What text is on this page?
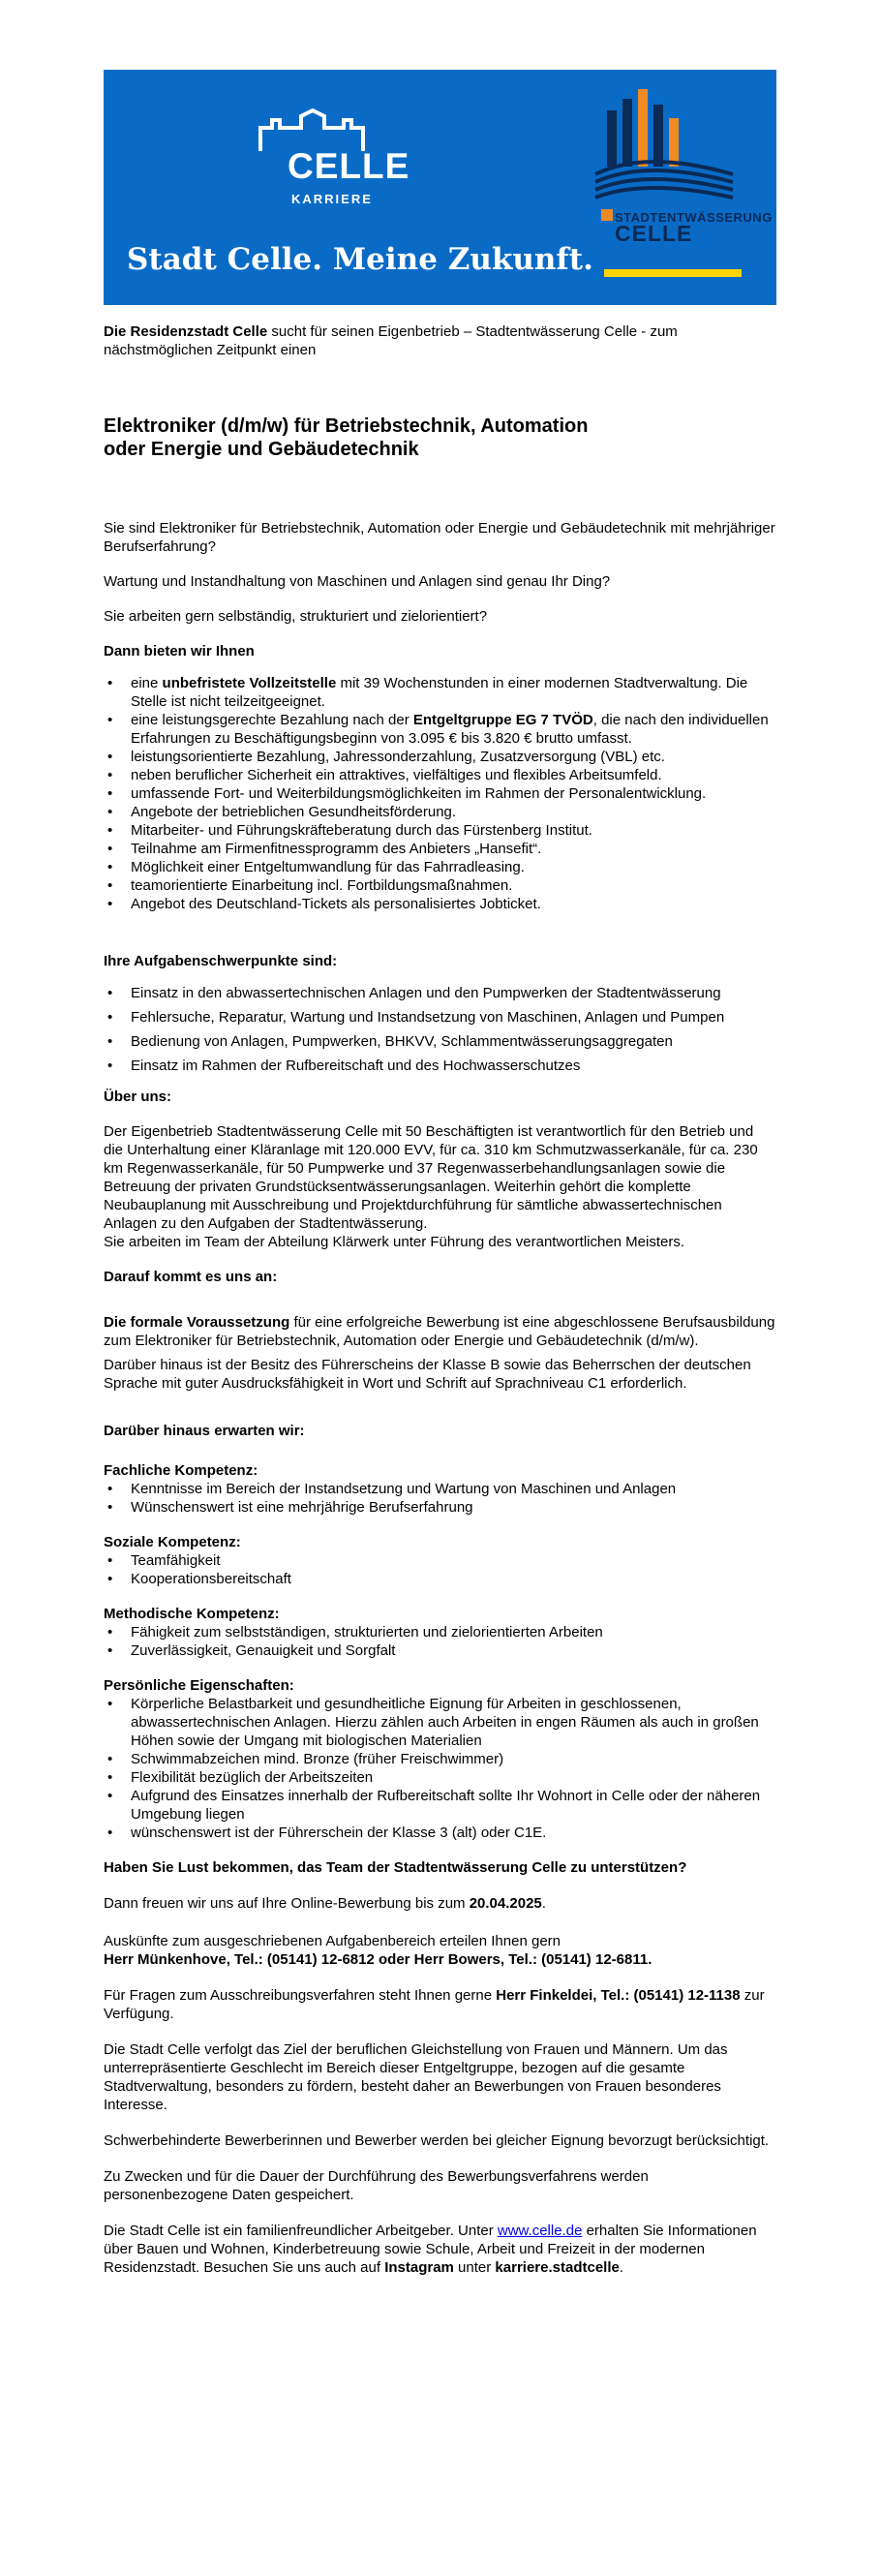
CELLE
KARRIERE
Stadt Celle. Meine Zukunft.
STADTENTWÄSSERUNG
CELLE

Die Residenzstadt Celle sucht für seinen Eigenbetrieb – Stadtentwässerung Celle - zum nächstmöglichen Zeitpunkt einen

Elektroniker (d/m/w) für Betriebstechnik, Automation
oder Energie und Gebäudetechnik

Sie sind Elektroniker für Betriebstechnik, Automation oder Energie und Gebäudetechnik mit mehrjähriger Berufserfahrung?

Wartung und Instandhaltung von Maschinen und Anlagen sind genau Ihr Ding?

Sie arbeiten gern selbständig, strukturiert und zielorientiert?

Dann bieten wir Ihnen

• eine unbefristete Vollzeitstelle mit 39 Wochenstunden in einer modernen Stadtverwaltung. Die Stelle ist nicht teilzeitgeeignet.
• eine leistungsgerechte Bezahlung nach der Entgeltgruppe EG 7 TVÖD, die nach den individuellen Erfahrungen zu Beschäftigungsbeginn von 3.095 € bis 3.820 € brutto umfasst.
• leistungsorientierte Bezahlung, Jahressonderzahlung, Zusatzversorgung (VBL) etc.
• neben beruflicher Sicherheit ein attraktives, vielfältiges und flexibles Arbeitsumfeld.
• umfassende Fort- und Weiterbildungsmöglichkeiten im Rahmen der Personalentwicklung.
• Angebote der betrieblichen Gesundheitsförderung.
• Mitarbeiter- und Führungskräfteberatung durch das Fürstenberg Institut.
• Teilnahme am Firmenfitnessprogramm des Anbieters „Hansefit“.
• Möglichkeit einer Entgeltumwandlung für das Fahrradleasing.
• teamorientierte Einarbeitung incl. Fortbildungsmaßnahmen.
• Angebot des Deutschland-Tickets als personalisiertes Jobticket.

Ihre Aufgabenschwerpunkte sind:

• Einsatz in den abwassertechnischen Anlagen und den Pumpwerken der Stadtentwässerung
• Fehlersuche, Reparatur, Wartung und Instandsetzung von Maschinen, Anlagen und Pumpen
• Bedienung von Anlagen, Pumpwerken, BHKVV, Schlammentwässerungsaggregaten
• Einsatz im Rahmen der Rufbereitschaft und des Hochwasserschutzes

Über uns:

Der Eigenbetrieb Stadtentwässerung Celle mit 50 Beschäftigten ist verantwortlich für den Betrieb und die Unterhaltung einer Kläranlage mit 120.000 EVV, für ca. 310 km Schmutzwasserkanäle, für ca. 230 km Regenwasserkanäle, für 50 Pumpwerke und 37 Regenwasserbehandlungsanlagen sowie die Betreuung der privaten Grundstücksentwässerungsanlagen. Weiterhin gehört die komplette Neubauplanung mit Ausschreibung und Projektdurchführung für sämtliche abwassertechnischen Anlagen zu den Aufgaben der Stadtentwässerung.

Sie arbeiten im Team der Abteilung Klärwerk unter Führung des verantwortlichen Meisters.

Darauf kommt es uns an:

Die formale Voraussetzung für eine erfolgreiche Bewerbung ist eine abgeschlossene Berufsausbildung zum Elektroniker für Betriebstechnik, Automation oder Energie und Gebäudetechnik (d/m/w).

Darüber hinaus ist der Besitz des Führerscheins der Klasse B sowie das Beherrschen der deutschen Sprache mit guter Ausdrucksfähigkeit in Wort und Schrift auf Sprachniveau C1 erforderlich.

Darüber hinaus erwarten wir:

Fachliche Kompetenz:

• Kenntnisse im Bereich der Instandsetzung und Wartung von Maschinen und Anlagen
• Wünschenswert ist eine mehrjährige Berufserfahrung

Soziale Kompetenz:

• Teamfähigkeit
• Kooperationsbereitschaft

Methodische Kompetenz:

• Fähigkeit zum selbstständigen, strukturierten und zielorientierten Arbeiten
• Zuverlässigkeit, Genauigkeit und Sorgfalt

Persönliche Eigenschaften:

• Körperliche Belastbarkeit und gesundheitliche Eignung für Arbeiten in geschlossenen, abwassertechnischen Anlagen. Hierzu zählen auch Arbeiten in engen Räumen als auch in großen Höhen sowie der Umgang mit biologischen Materialien
• Schwimmabzeichen mind. Bronze (früher Freischwimmer)
• Flexibilität bezüglich der Arbeitszeiten
• Aufgrund des Einsatzes innerhalb der Rufbereitschaft sollte Ihr Wohnort in Celle oder der näheren Umgebung liegen
• wünschenswert ist der Führerschein der Klasse 3 (alt) oder C1E.

Haben Sie Lust bekommen, das Team der Stadtentwässerung Celle zu unterstützen?

Dann freuen wir uns auf Ihre Online-Bewerbung bis zum 20.04.2025.

Auskünfte zum ausgeschriebenen Aufgabenbereich erteilen Ihnen gern

Herr Münkenhove, Tel.: (05141) 12-6812 oder Herr Bowers, Tel.: (05141) 12-6811.

Für Fragen zum Ausschreibungsverfahren steht Ihnen gerne Herr Finkeldei, Tel.: (05141) 12-1138 zur Verfügung.

Die Stadt Celle verfolgt das Ziel der beruflichen Gleichstellung von Frauen und Männern. Um das unterrepräsentierte Geschlecht im Bereich dieser Entgeltgruppe, bezogen auf die gesamte Stadtverwaltung, besonders zu fördern, besteht daher an Bewerbungen von Frauen besonderes Interesse.

Schwerbehinderte Bewerberinnen und Bewerber werden bei gleicher Eignung bevorzugt berücksichtigt.

Zu Zwecken und für die Dauer der Durchführung des Bewerbungsverfahrens werden personenbezogene Daten gespeichert.

Die Stadt Celle ist ein familienfreundlicher Arbeitgeber. Unter www.celle.de erhalten Sie Informationen über Bauen und Wohnen, Kinderbetreuung sowie Schule, Arbeit und Freizeit in der modernen Residenzstadt. Besuchen Sie uns auch auf Instagram unter karriere.stadtcelle.
